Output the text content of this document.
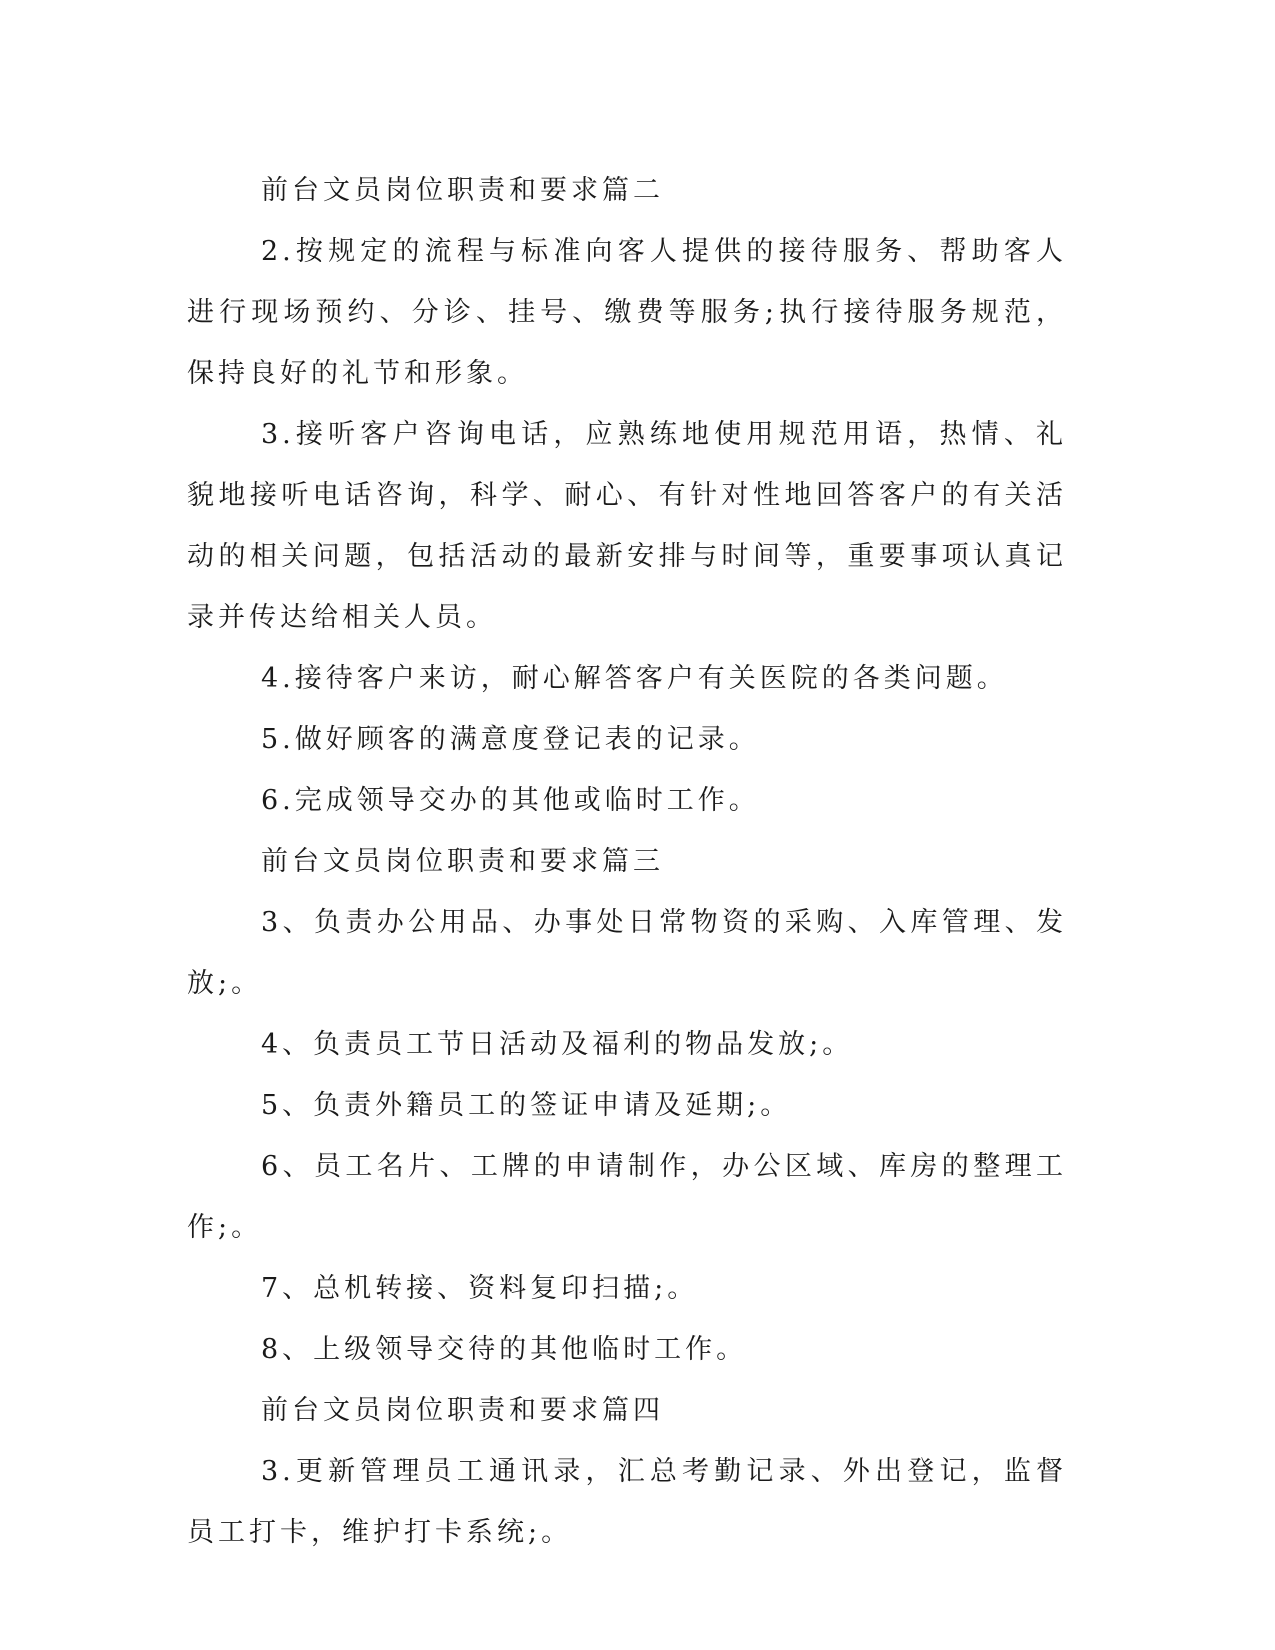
前台文员岗位职责和要求篇二

2.按规定的流程与标准向客人提供的接待服务、帮助客人进行现场预约、分诊、挂号、缴费等服务;执行接待服务规范，保持良好的礼节和形象。

3.接听客户咨询电话，应熟练地使用规范用语，热情、礼貌地接听电话咨询，科学、耐心、有针对性地回答客户的有关活动的相关问题，包括活动的最新安排与时间等，重要事项认真记录并传达给相关人员。

4.接待客户来访，耐心解答客户有关医院的各类问题。

5.做好顾客的满意度登记表的记录。

6.完成领导交办的其他或临时工作。

前台文员岗位职责和要求篇三

3、负责办公用品、办事处日常物资的采购、入库管理、发放;。

4、负责员工节日活动及福利的物品发放;。

5、负责外籍员工的签证申请及延期;。

6、员工名片、工牌的申请制作，办公区域、库房的整理工作;。

7、总机转接、资料复印扫描;。

8、上级领导交待的其他临时工作。

前台文员岗位职责和要求篇四

3.更新管理员工通讯录，汇总考勤记录、外出登记，监督员工打卡，维护打卡系统;。
